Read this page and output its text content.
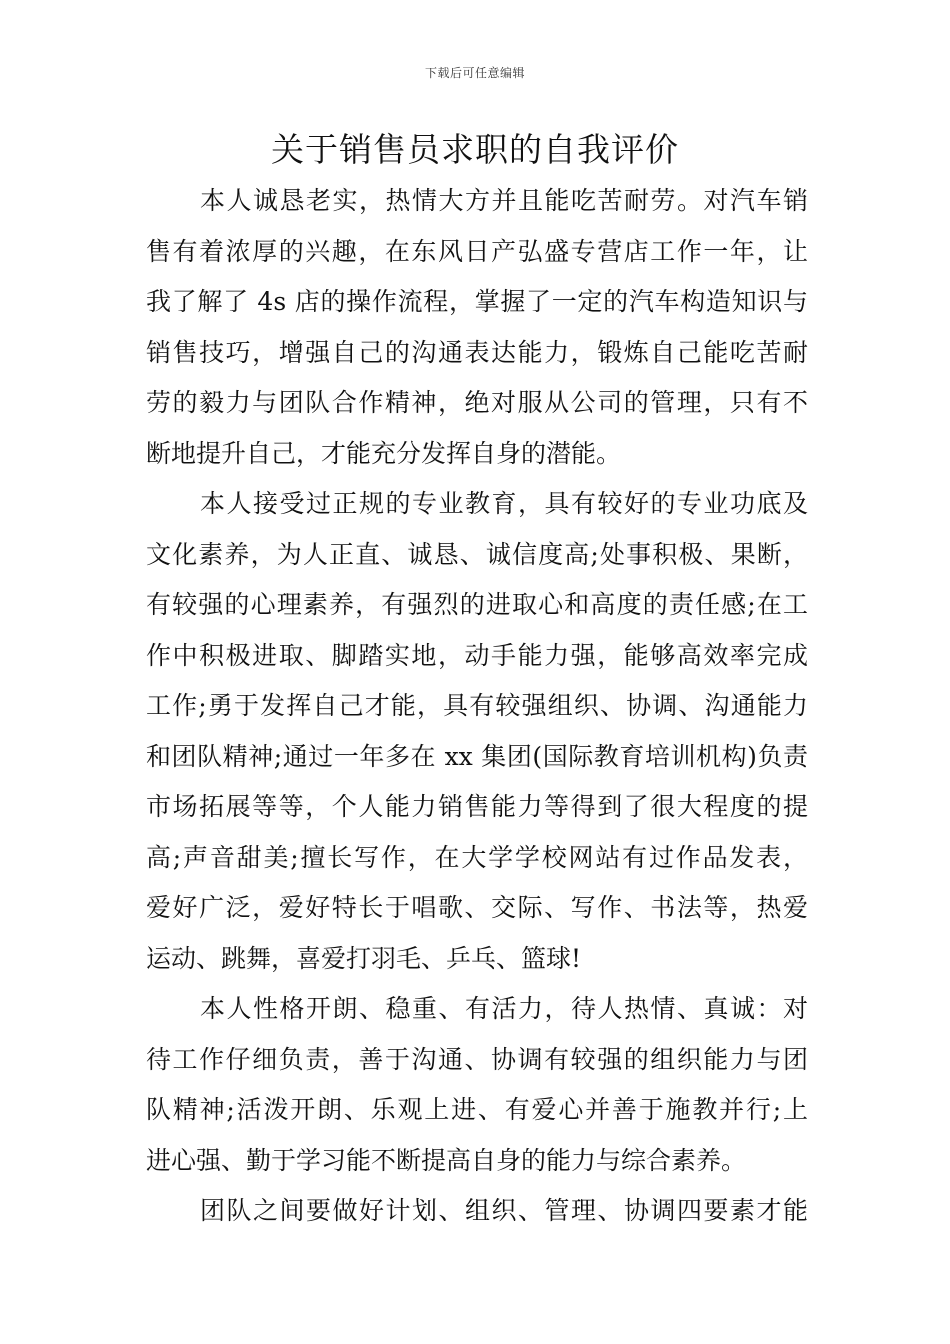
下载后可任意编辑
关于销售员求职的自我评价
本人诚恳老实，热情大方并且能吃苦耐劳。对汽车销
售有着浓厚的兴趣，在东风日产弘盛专营店工作一年，让
我了解了 4s 店的操作流程，掌握了一定的汽车构造知识与
销售技巧，增强自己的沟通表达能力，锻炼自己能吃苦耐
劳的毅力与团队合作精神，绝对服从公司的管理，只有不
断地提升自己，才能充分发挥自身的潜能。
本人接受过正规的专业教育，具有较好的专业功底及
文化素养，为人正直、诚恳、诚信度高;处事积极、果断，
有较强的心理素养，有强烈的进取心和高度的责任感;在工
作中积极进取、脚踏实地，动手能力强，能够高效率完成
工作;勇于发挥自己才能，具有较强组织、协调、沟通能力
和团队精神;通过一年多在 xx 集团(国际教育培训机构)负责
市场拓展等等，个人能力销售能力等得到了很大程度的提
高;声音甜美;擅长写作，在大学学校网站有过作品发表，
爱好广泛，爱好特长于唱歌、交际、写作、书法等，热爱
运动、跳舞，喜爱打羽毛、乒乓、篮球!
本人性格开朗、稳重、有活力，待人热情、真诚：对
待工作仔细负责，善于沟通、协调有较强的组织能力与团
队精神;活泼开朗、乐观上进、有爱心并善于施教并行;上
进心强、勤于学习能不断提高自身的能力与综合素养。
团队之间要做好计划、组织、管理、协调四要素才能
